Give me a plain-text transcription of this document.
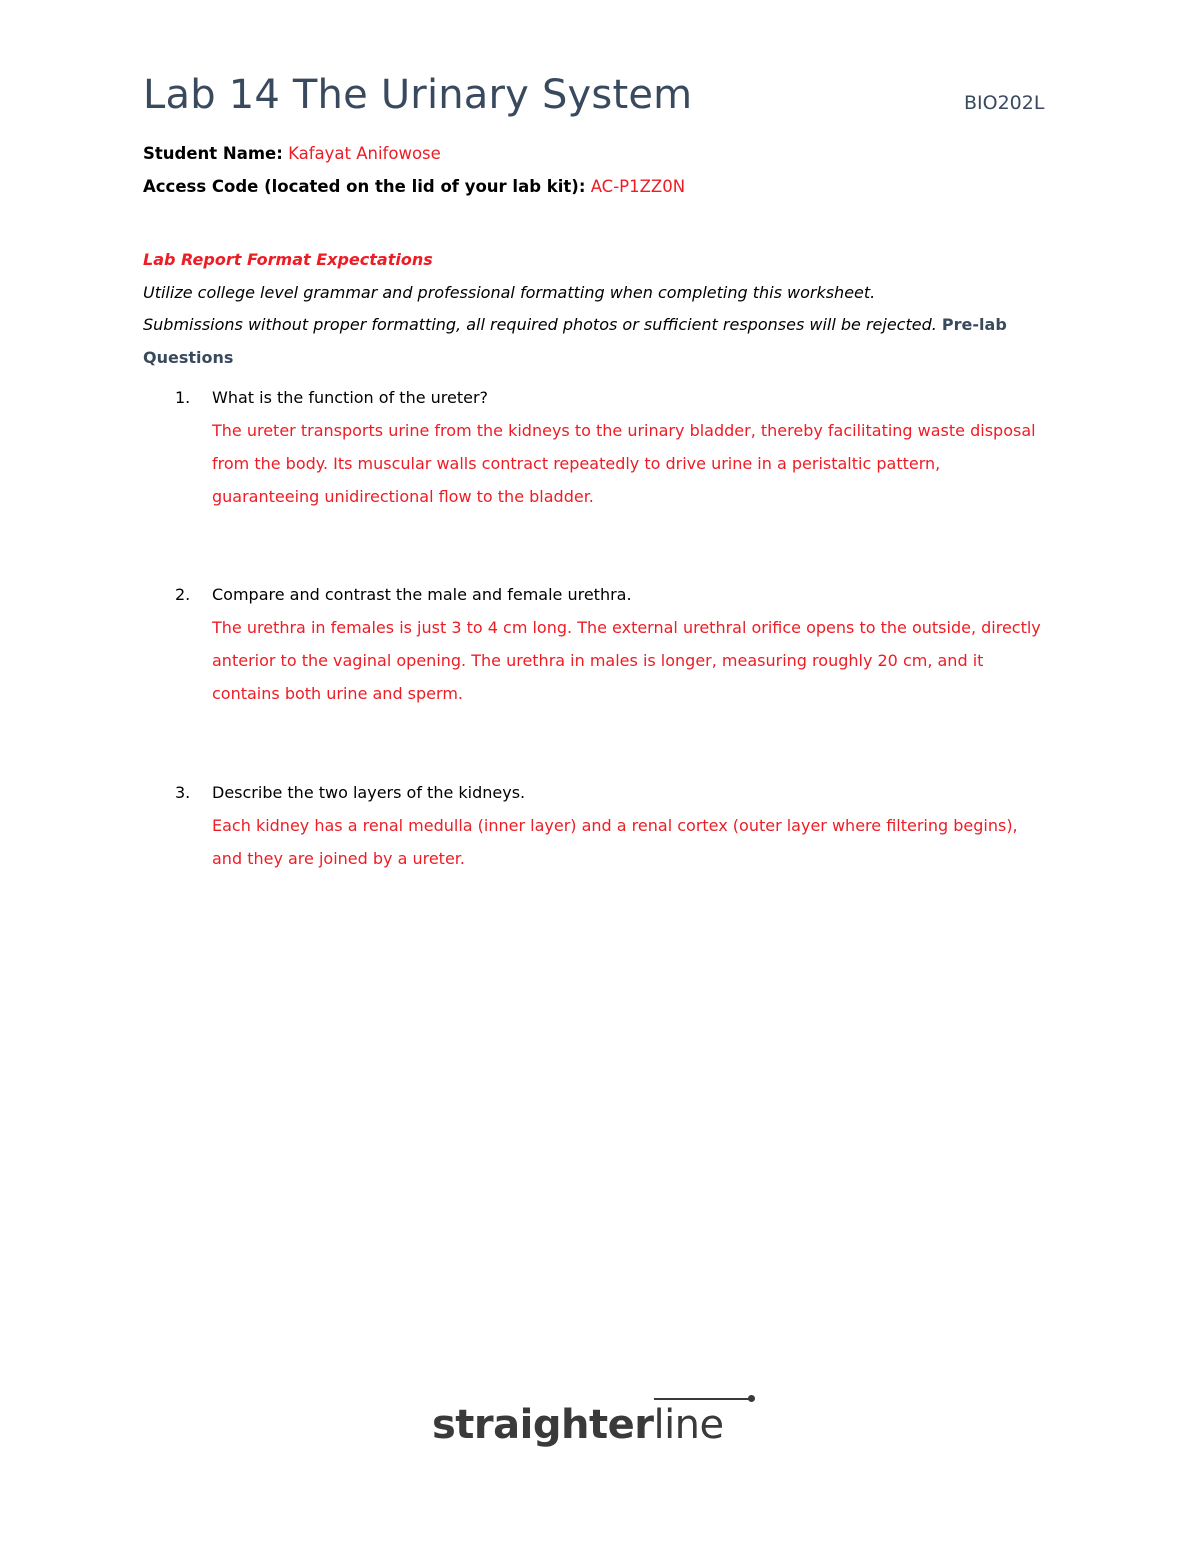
Lab 14 The Urinary System	BIO202L
Student Name: Kafayat Anifowose
Access Code (located on the lid of your lab kit): AC-P1ZZ0N
Lab Report Format Expectations
Utilize college level grammar and professional formatting when completing this worksheet.
Submissions without proper formatting, all required photos or sufficient responses will be rejected. Pre-lab Questions
1. What is the function of the ureter?
The ureter transports urine from the kidneys to the urinary bladder, thereby facilitating waste disposal from the body. Its muscular walls contract repeatedly to drive urine in a peristaltic pattern, guaranteeing unidirectional flow to the bladder.
2. Compare and contrast the male and female urethra.
The urethra in females is just 3 to 4 cm long. The external urethral orifice opens to the outside, directly anterior to the vaginal opening. The urethra in males is longer, measuring roughly 20 cm, and it contains both urine and sperm.
3. Describe the two layers of the kidneys.
Each kidney has a renal medulla (inner layer) and a renal cortex (outer layer where filtering begins), and they are joined by a ureter.
straighterline
